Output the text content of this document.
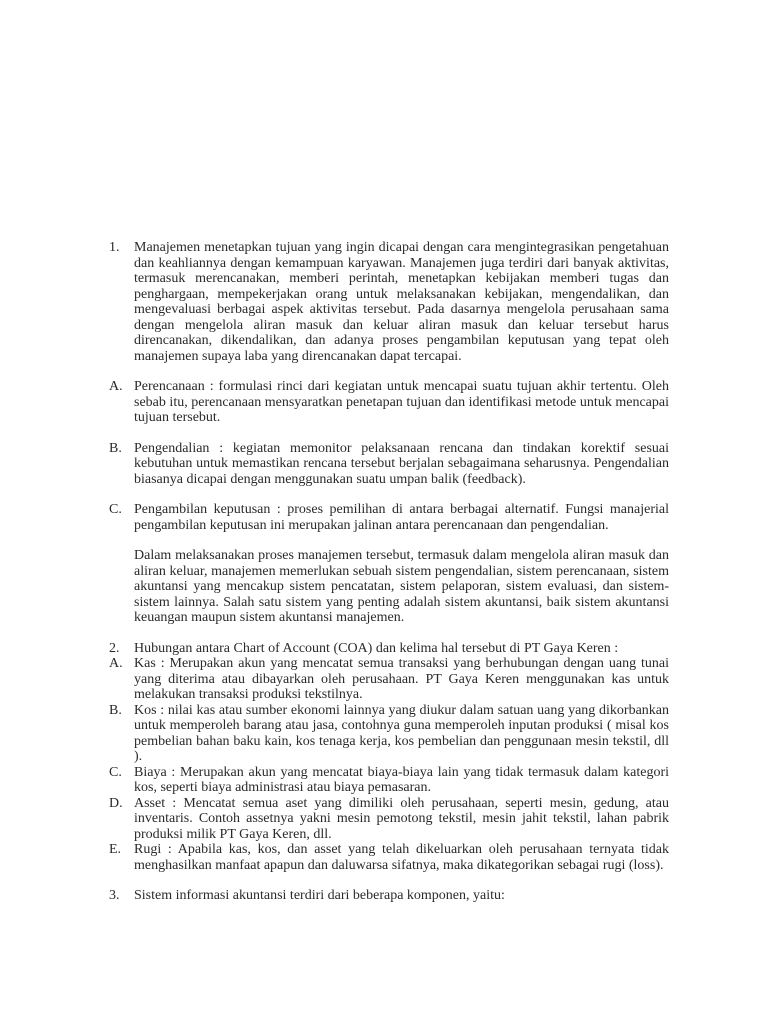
1.	Manajemen menetapkan tujuan yang ingin dicapai dengan cara mengintegrasikan pengetahuan dan keahliannya dengan kemampuan karyawan. Manajemen juga terdiri dari banyak aktivitas, termasuk merencanakan, memberi perintah, menetapkan kebijakan memberi tugas dan penghargaan, mempekerjakan orang untuk melaksanakan kebijakan, mengendalikan, dan mengevaluasi berbagai aspek aktivitas tersebut. Pada dasarnya mengelola perusahaan sama dengan mengelola aliran masuk dan keluar aliran masuk dan keluar tersebut harus direncanakan, dikendalikan, dan adanya proses pengambilan keputusan yang tepat oleh manajemen supaya laba yang direncanakan dapat tercapai.
A. Perencanaan : formulasi rinci dari kegiatan untuk mencapai suatu tujuan akhir tertentu. Oleh sebab itu, perencanaan mensyaratkan penetapan tujuan dan identifikasi metode untuk mencapai tujuan tersebut.
B. Pengendalian : kegiatan memonitor pelaksanaan rencana dan tindakan korektif sesuai kebutuhan untuk memastikan rencana tersebut berjalan sebagaimana seharusnya. Pengendalian biasanya dicapai dengan menggunakan suatu umpan balik (feedback).
C. Pengambilan keputusan : proses pemilihan di antara berbagai alternatif. Fungsi manajerial pengambilan keputusan ini merupakan jalinan antara perencanaan dan pengendalian.
Dalam melaksanakan proses manajemen tersebut, termasuk dalam mengelola aliran masuk dan aliran keluar, manajemen memerlukan sebuah sistem pengendalian, sistem perencanaan, sistem akuntansi yang mencakup sistem pencatatan, sistem pelaporan, sistem evaluasi, dan sistem-sistem lainnya. Salah satu sistem yang penting adalah sistem akuntansi, baik sistem akuntansi keuangan maupun sistem akuntansi manajemen.
2.	Hubungan antara Chart of Account (COA) dan kelima hal tersebut di PT Gaya Keren :
A. Kas : Merupakan akun yang mencatat semua transaksi yang berhubungan dengan uang tunai yang diterima atau dibayarkan oleh perusahaan. PT Gaya Keren menggunakan kas untuk melakukan transaksi produksi tekstilnya.
B. Kos : nilai kas atau sumber ekonomi lainnya yang diukur dalam satuan uang yang dikorbankan untuk memperoleh barang atau jasa, contohnya guna memperoleh inputan produksi ( misal kos pembelian bahan baku kain, kos tenaga kerja, kos pembelian dan penggunaan mesin tekstil, dll ).
C. Biaya : Merupakan akun yang mencatat biaya-biaya lain yang tidak termasuk dalam kategori kos, seperti biaya administrasi atau biaya pemasaran.
D. Asset : Mencatat semua aset yang dimiliki oleh perusahaan, seperti mesin, gedung, atau inventaris. Contoh assetnya yakni mesin pemotong tekstil, mesin jahit tekstil, lahan pabrik produksi milik PT Gaya Keren, dll.
E. Rugi : Apabila kas, kos, dan asset yang telah dikeluarkan oleh perusahaan ternyata tidak menghasilkan manfaat apapun dan daluwarsa sifatnya, maka dikategorikan sebagai rugi (loss).
3.	Sistem informasi akuntansi terdiri dari beberapa komponen, yaitu:
